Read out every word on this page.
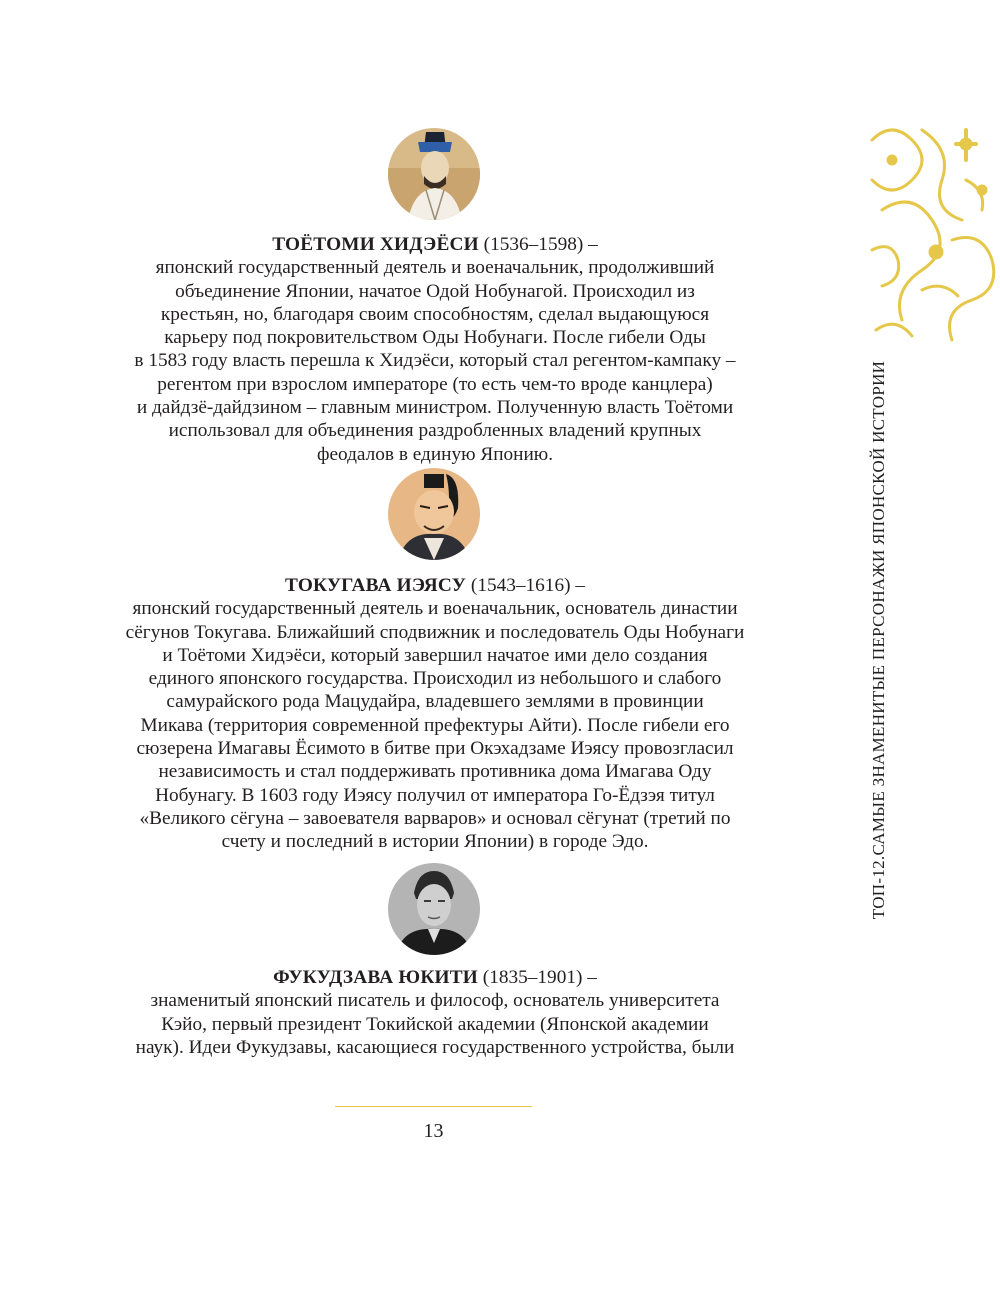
ТОЁТОМИ ХИДЭЁСИ (1536–1598) –

японский государственный деятель и военачальник, продолживший

объединение Японии, начатое Одой Нобунагой. Происходил из

крестьян, но, благодаря своим способностям, сделал выдающуюся

карьеру под покровительством Оды Нобунаги. После гибели Оды

в 1583 году власть перешла к Хидэёси, который стал регентом-кампаку –

регентом при взрослом императоре (то есть чем-то вроде канцлера)

и дайдзё-дайдзином – главным министром. Полученную власть Тоётоми

использовал для объединения раздробленных владений крупных

феодалов в единую Японию.

ТОКУГАВА ИЭЯСУ (1543–1616) –

японский государственный деятель и военачальник, основатель династии

сёгунов Токугава. Ближайший сподвижник и последователь Оды Нобунаги

и Тоётоми Хидэёси, который завершил начатое ими дело создания

единого японского государства. Происходил из небольшого и слабого

самурайского рода Мацудайра, владевшего землями в провинции

Микава (территория современной префектуры Айти). После гибели его

сюзерена Имагавы Ёсимото в битве при Окэхадзаме Иэясу провозгласил

независимость и стал поддерживать противника дома Имагава Оду

Нобунагу. В 1603 году Иэясу получил от императора Го-Ёдзэя титул

«Великого сёгуна – завоевателя варваров» и основал сёгунат (третий по

счету и последний в истории Японии) в городе Эдо.

ФУКУДЗАВА ЮКИТИ (1835–1901) –

знаменитый японский писатель и философ, основатель университета

Кэйо, первый президент Токийской академии (Японской академии

наук). Идеи Фукудзавы, касающиеся государственного устройства, были

13
ТОП-12.САМЫЕ ЗНАМЕНИТЫЕ ПЕРСОНАЖИ ЯПОНСКОЙ ИСТОРИИ
